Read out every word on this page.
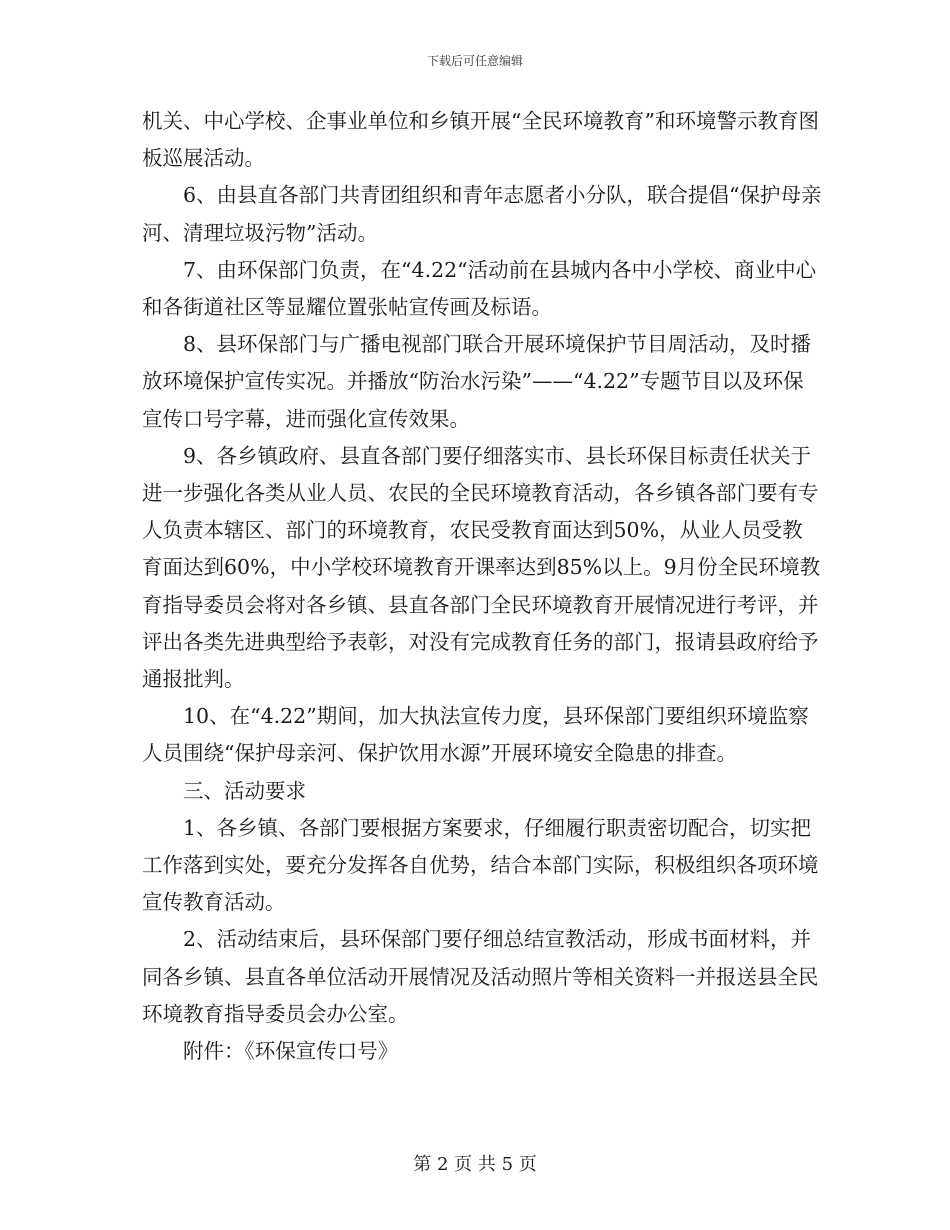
下载后可任意编辑

机关、中心学校、企事业单位和乡镇开展“全民环境教育”和环境警示教育图板巡展活动。

6、由县直各部门共青团组织和青年志愿者小分队，联合提倡“保护母亲河、清理垃圾污物”活动。

7、由环保部门负责，在“4.22“活动前在县城内各中小学校、商业中心和各街道社区等显耀位置张帖宣传画及标语。

8、县环保部门与广播电视部门联合开展环境保护节目周活动，及时播放环境保护宣传实况。并播放“防治水污染”——“4.22”专题节目以及环保宣传口号字幕，进而强化宣传效果。

9、各乡镇政府、县直各部门要仔细落实市、县长环保目标责任状关于进一步强化各类从业人员、农民的全民环境教育活动，各乡镇各部门要有专人负责本辖区、部门的环境教育，农民受教育面达到50%，从业人员受教育面达到60%，中小学校环境教育开课率达到85%以上。9月份全民环境教育指导委员会将对各乡镇、县直各部门全民环境教育开展情况进行考评，并评出各类先进典型给予表彰，对没有完成教育任务的部门，报请县政府给予通报批判。

10、在“4.22”期间，加大执法宣传力度，县环保部门要组织环境监察人员围绕“保护母亲河、保护饮用水源”开展环境安全隐患的排查。

三、活动要求

1、各乡镇、各部门要根据方案要求，仔细履行职责密切配合，切实把工作落到实处，要充分发挥各自优势，结合本部门实际，积极组织各项环境宣传教育活动。

2、活动结束后，县环保部门要仔细总结宣教活动，形成书面材料，并同各乡镇、县直各单位活动开展情况及活动照片等相关资料一并报送县全民环境教育指导委员会办公室。

附件：《环保宣传口号》

第 2 页 共 5 页
